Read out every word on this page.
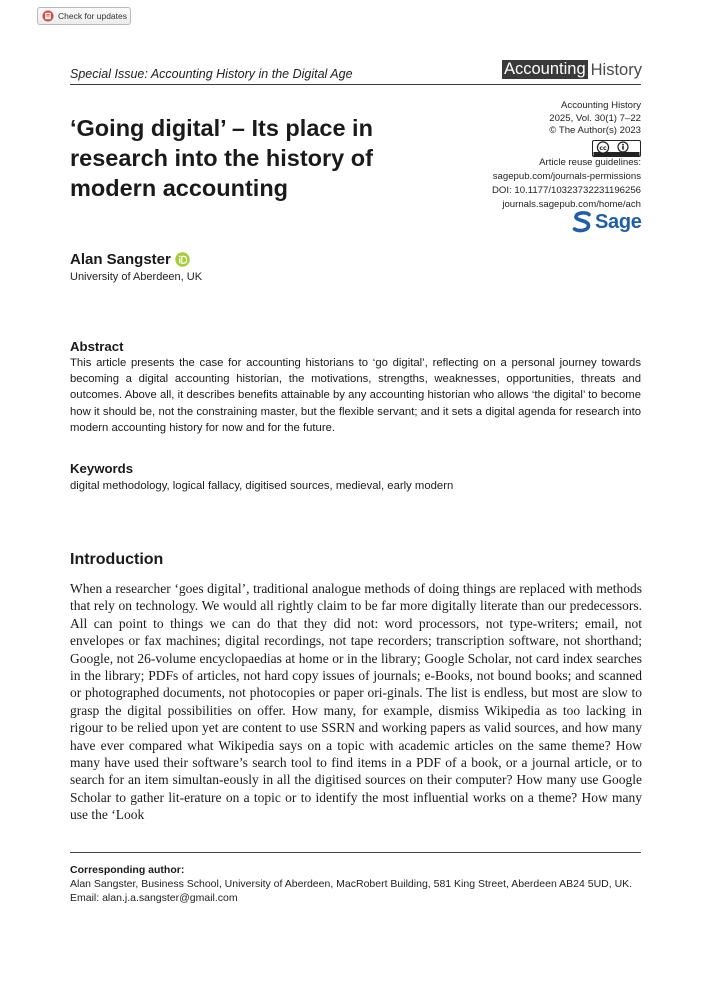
Check for updates
Special Issue: Accounting History in the Digital Age	Accounting History
‘Going digital’ – Its place in research into the history of modern accounting
Accounting History
2025, Vol. 30(1) 7–22
© The Author(s) 2023
cc
Article reuse guidelines:
sagepub.com/journals-permissions
DOI: 10.1177/10323732231196256
journals.sagepub.com/home/ach
Sage
Alan Sangster
University of Aberdeen, UK
Abstract

This article presents the case for accounting historians to ‘go digital’, reflecting on a personal journey towards becoming a digital accounting historian, the motivations, strengths, weaknesses, opportunities, threats and outcomes. Above all, it describes benefits attainable by any accounting historian who allows ‘the digital’ to become how it should be, not the constraining master, but the flexible servant; and it sets a digital agenda for research into modern accounting history for now and for the future.

Keywords
digital methodology, logical fallacy, digitised sources, medieval, early modern
Introduction

When a researcher ‘goes digital’, traditional analogue methods of doing things are replaced with methods that rely on technology. We would all rightly claim to be far more digitally literate than our predecessors. All can point to things we can do that they did not: word processors, not type-writers; email, not envelopes or fax machines; digital recordings, not tape recorders; transcription software, not shorthand; Google, not 26-volume encyclopaedias at home or in the library; Google Scholar, not card index searches in the library; PDFs of articles, not hard copy issues of journals; e-Books, not bound books; and scanned or photographed documents, not photocopies or paper ori-ginals. The list is endless, but most are slow to grasp the digital possibilities on offer. How many, for example, dismiss Wikipedia as too lacking in rigour to be relied upon yet are content to use SSRN and working papers as valid sources, and how many have ever compared what Wikipedia says on a topic with academic articles on the same theme? How many have used their software’s search tool to find items in a PDF of a book, or a journal article, or to search for an item simultan-eously in all the digitised sources on their computer? How many use Google Scholar to gather lit-erature on a topic or to identify the most influential works on a theme? How many use the ‘Look

Corresponding author:
Alan Sangster, Business School, University of Aberdeen, MacRobert Building, 581 King Street, Aberdeen AB24 5UD, UK.
Email: alan.j.a.sangster@gmail.com
